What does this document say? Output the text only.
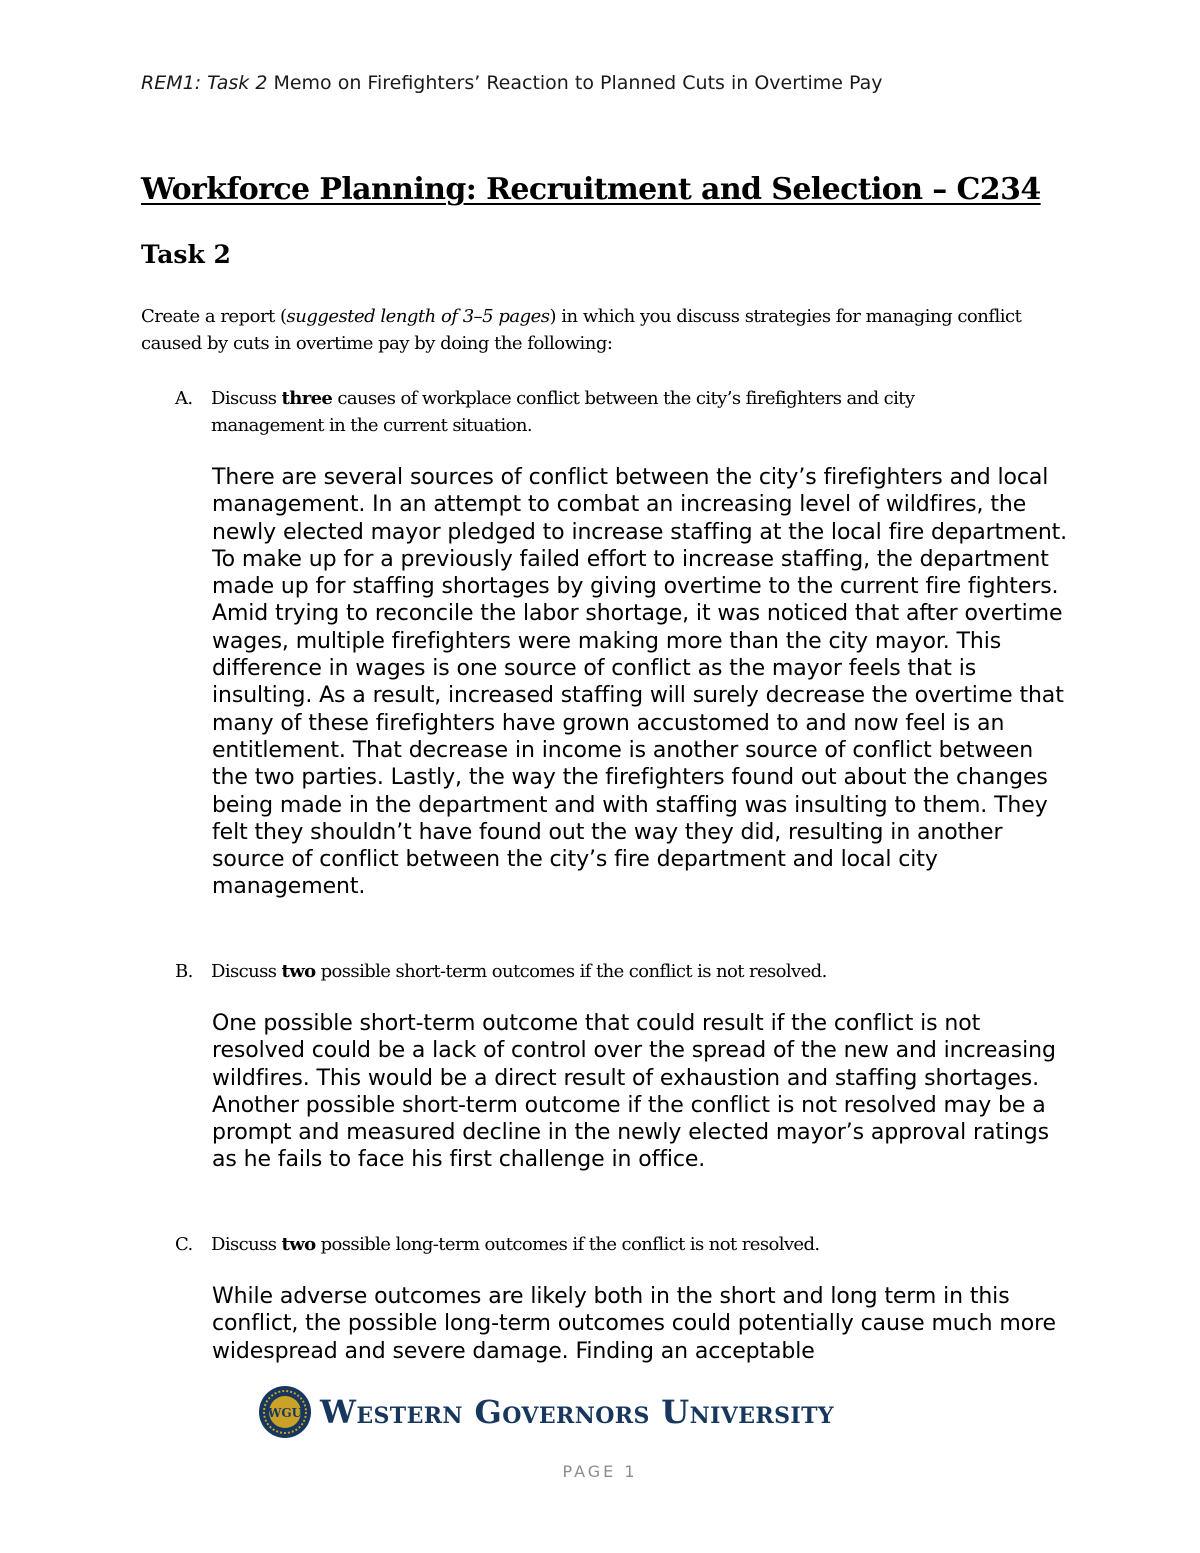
REM1: Task 2 Memo on Firefighters’ Reaction to Planned Cuts in Overtime Pay
Workforce Planning: Recruitment and Selection – C234
Task 2

Create a report (suggested length of 3–5 pages) in which you discuss strategies for managing conflict caused by cuts in overtime pay by doing the following:

A. Discuss three causes of workplace conflict between the city’s firefighters and city management in the current situation.

There are several sources of conflict between the city’s firefighters and local management. In an attempt to combat an increasing level of wildfires, the newly elected mayor pledged to increase staffing at the local fire department. To make up for a previously failed effort to increase staffing, the department made up for staffing shortages by giving overtime to the current fire fighters. Amid trying to reconcile the labor shortage, it was noticed that after overtime wages, multiple firefighters were making more than the city mayor. This difference in wages is one source of conflict as the mayor feels that is insulting. As a result, increased staffing will surely decrease the overtime that many of these firefighters have grown accustomed to and now feel is an entitlement. That decrease in income is another source of conflict between the two parties. Lastly, the way the firefighters found out about the changes being made in the department and with staffing was insulting to them. They felt they shouldn’t have found out the way they did, resulting in another source of conflict between the city’s fire department and local city management.

B. Discuss two possible short-term outcomes if the conflict is not resolved.

One possible short-term outcome that could result if the conflict is not resolved could be a lack of control over the spread of the new and increasing wildfires. This would be a direct result of exhaustion and staffing shortages.

Another possible short-term outcome if the conflict is not resolved may be a prompt and measured decline in the newly elected mayor’s approval ratings as he fails to face his first challenge in office.

C. Discuss two possible long-term outcomes if the conflict is not resolved.

While adverse outcomes are likely both in the short and long term in this conflict, the possible long-term outcomes could potentially cause much more widespread and severe damage. Finding an acceptable

WGU Western Governors University
PAGE 1
